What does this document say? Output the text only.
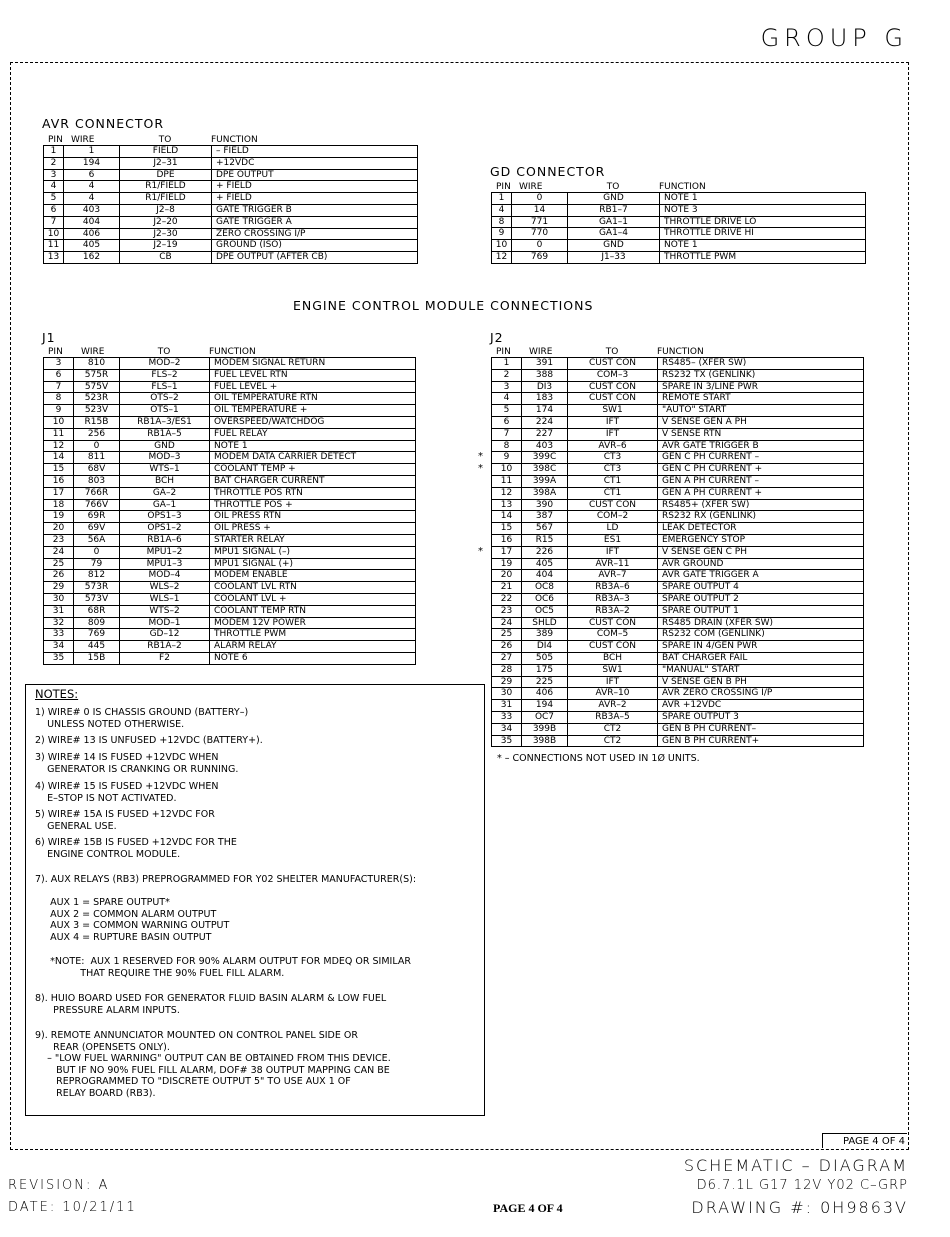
GROUP G
AVR CONNECTOR
PIN WIRE	TO	FUNCTION
1	1	FIELD	– FIELD
2	194	J2–31	+12VDC
3	6	DPE	DPE OUTPUT
4	4	R1/FIELD	+ FIELD
5	4	R1/FIELD	+ FIELD
6	403	J2–8	GATE TRIGGER B
7	404	J2–20	GATE TRIGGER A
10	406	J2–30	ZERO CROSSING I/P
11	405	J2–19	GROUND (ISO)
13	162	CB	DPE OUTPUT (AFTER CB)
GD CONNECTOR
PIN WIRE	TO	FUNCTION
1	0	GND	NOTE 1
4	14	RB1–7	NOTE 3
8	771	GA1–1	THROTTLE DRIVE LO
9	770	GA1–4	THROTTLE DRIVE HI
10	0	GND	NOTE 1
12	769	J1–33	THROTTLE PWM
ENGINE CONTROL MODULE CONNECTIONS
J1
PIN	WIRE	TO	FUNCTION
3	810	MOD–2	MODEM SIGNAL RETURN
6	575R	FLS–2	FUEL LEVEL RTN
7	575V	FLS–1	FUEL LEVEL +
8	523R	OTS–2	OIL TEMPERATURE RTN
9	523V	OTS–1	OIL TEMPERATURE +
10	R15B	RB1A–3/ES1	OVERSPEED/WATCHDOG
11	256	RB1A–5	FUEL RELAY
12	0	GND	NOTE 1
14	811	MOD–3	MODEM DATA CARRIER DETECT
15	68V	WTS–1	COOLANT TEMP +
16	803	BCH	BAT CHARGER CURRENT
17	766R	GA–2	THROTTLE POS RTN
18	766V	GA–1	THROTTLE POS +
19	69R	OPS1–3	OIL PRESS RTN
20	69V	OPS1–2	OIL PRESS +
23	56A	RB1A–6	STARTER RELAY
24	0	MPU1–2	MPU1 SIGNAL (–)
25	79	MPU1–3	MPU1 SIGNAL (+)
26	812	MOD–4	MODEM ENABLE
29	573R	WLS–2	COOLANT LVL RTN
30	573V	WLS–1	COOLANT LVL +
31	68R	WTS–2	COOLANT TEMP RTN
32	809	MOD–1	MODEM 12V POWER
33	769	GD–12	THROTTLE PWM
34	445	RB1A–2	ALARM RELAY
35	15B	F2	NOTE 6
J2
PIN	WIRE	TO	FUNCTION
1	391	CUST CON	RS485– (XFER SW)
2	388	COM–3	RS232 TX (GENLINK)
3	DI3	CUST CON	SPARE IN 3/LINE PWR
4	183	CUST CON	REMOTE START
5	174	SW1	"AUTO" START
6	224	IFT	V SENSE GEN A PH
7	227	IFT	V SENSE RTN
8	403	AVR–6	AVR GATE TRIGGER B

* 9	399C	CT3	GEN C PH CURRENT –

* 10	398C	CT3	GEN C PH CURRENT +
11	399A	CT1	GEN A PH CURRENT –
12	398A	CT1	GEN A PH CURRENT +
13	390	CUST CON	RS485+ (XFER SW)
14	387	COM–2	RS232 RX (GENLINK)
15	567	LD	LEAK DETECTOR
16	R15	ES1	EMERGENCY STOP

* 17	226	IFT	V SENSE GEN C PH
19	405	AVR–11	AVR GROUND
20	404	AVR–7	AVR GATE TRIGGER A
21	OC8	RB3A–6	SPARE OUTPUT 4
22	OC6	RB3A–3	SPARE OUTPUT 2
23	OC5	RB3A–2	SPARE OUTPUT 1
24	SHLD	CUST CON	RS485 DRAIN (XFER SW)
25	389	COM–5	RS232 COM (GENLINK)
26	DI4	CUST CON	SPARE IN 4/GEN PWR
27	505	BCH	BAT CHARGER FAIL
28	175	SW1	"MANUAL" START
29	225	IFT	V SENSE GEN B PH
30	406	AVR–10	AVR ZERO CROSSING I/P
31	194	AVR–2	AVR +12VDC
33	OC7	RB3A–5	SPARE OUTPUT 3
34	399B	CT2	GEN B PH CURRENT–
35	398B	CT2	GEN B PH CURRENT+
* – CONNECTIONS NOT USED IN 1Ø UNITS.
NOTES:
1) WIRE# 0 IS CHASSIS GROUND (BATTERY–)
UNLESS NOTED OTHERWISE.
2) WIRE# 13 IS UNFUSED +12VDC (BATTERY+).
3) WIRE# 14 IS FUSED +12VDC WHEN
GENERATOR IS CRANKING OR RUNNING.
4) WIRE# 15 IS FUSED +12VDC WHEN
E–STOP IS NOT ACTIVATED.
5) WIRE# 15A IS FUSED +12VDC FOR
GENERAL USE.
6) WIRE# 15B IS FUSED +12VDC FOR THE
ENGINE CONTROL MODULE.
7). AUX RELAYS (RB3) PREPROGRAMMED FOR Y02 SHELTER MANUFACTURER(S):
AUX 1 = SPARE OUTPUT*
AUX 2 = COMMON ALARM OUTPUT
AUX 3 = COMMON WARNING OUTPUT
AUX 4 = RUPTURE BASIN OUTPUT
*NOTE:  AUX 1 RESERVED FOR 90% ALARM OUTPUT FOR MDEQ OR SIMILAR
THAT REQUIRE THE 90% FUEL FILL ALARM.
8). HUIO BOARD USED FOR GENERATOR FLUID BASIN ALARM & LOW FUEL
PRESSURE ALARM INPUTS.
9). REMOTE ANNUNCIATOR MOUNTED ON CONTROL PANEL SIDE OR
REAR (OPENSETS ONLY).
– "LOW FUEL WARNING" OUTPUT CAN BE OBTAINED FROM THIS DEVICE.
BUT IF NO 90% FUEL FILL ALARM, DOF# 38 OUTPUT MAPPING CAN BE
REPROGRAMMED TO "DISCRETE OUTPUT 5" TO USE AUX 1 OF
RELAY BOARD (RB3).
PAGE 4 OF 4
REVISION: A
DATE: 10/21/11	PAGE 4 OF 4
SCHEMATIC – DIAGRAM
D6.7.1L G17 12V Y02 C–GRP
DRAWING #: 0H9863V
